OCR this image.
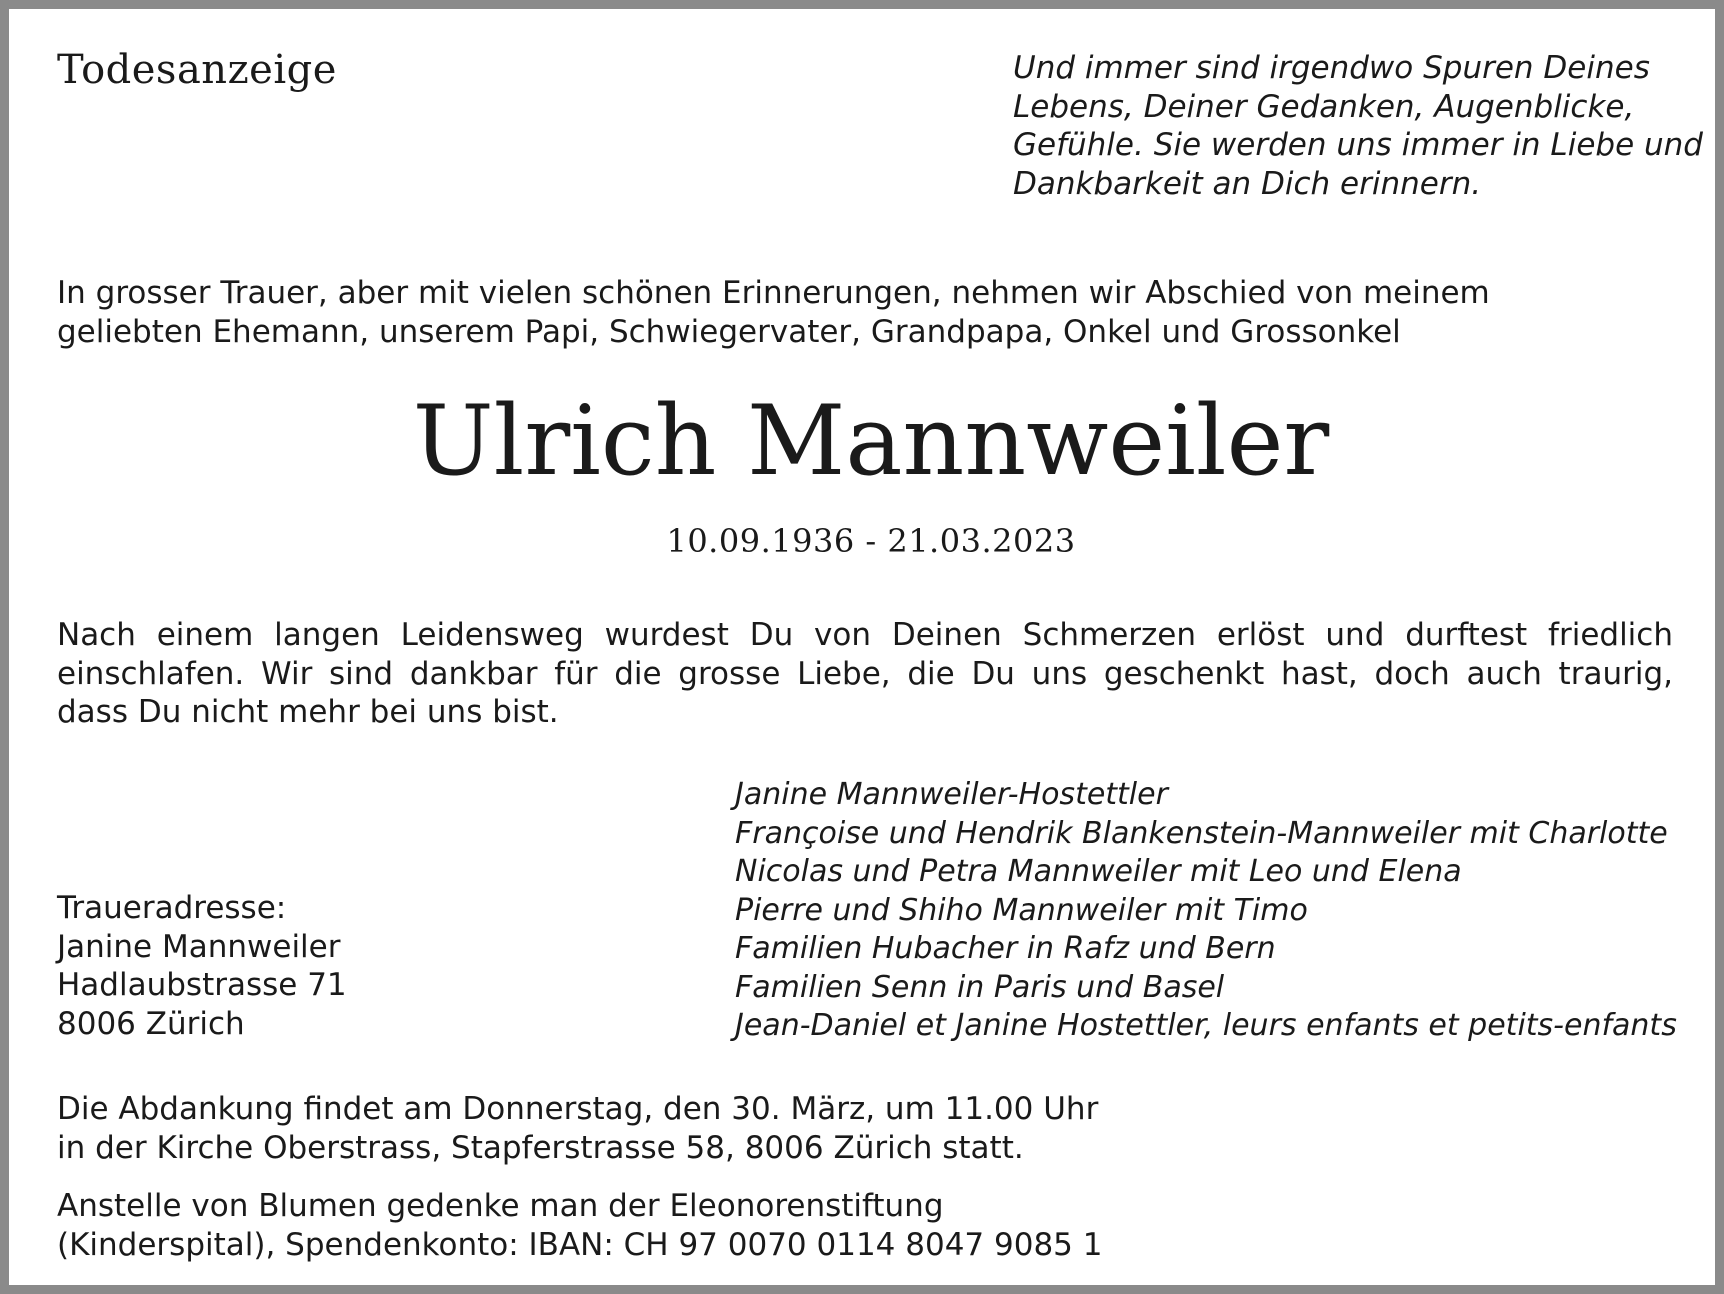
Todesanzeige	Und immer sind irgendwo Spuren Deines
Lebens, Deiner Gedanken, Augenblicke,
Gefühle. Sie werden uns immer in Liebe und
Dankbarkeit an Dich erinnern.

In grosser Trauer, aber mit vielen schönen Erinnerungen, nehmen wir Abschied von meinem
geliebten Ehemann, unserem Papi, Schwiegervater, Grandpapa, Onkel und Grossonkel

Ulrich Mannweiler
10.09.1936 - 21.03.2023

Nach einem langen Leidensweg wurdest Du von Deinen Schmerzen erlöst und durftest friedlich
einschlafen. Wir sind dankbar für die grosse Liebe, die Du uns geschenkt hast, doch auch traurig,
dass Du nicht mehr bei uns bist.

Janine Mannweiler-Hostettler
Françoise und Hendrik Blankenstein-Mannweiler mit Charlotte
Nicolas und Petra Mannweiler mit Leo und Elena
Pierre und Shiho Mannweiler mit Timo
Familien Hubacher in Rafz und Bern
Familien Senn in Paris und Basel
Jean-Daniel et Janine Hostettler, leurs enfants et petits-enfants

Traueradresse:
Janine Mannweiler
Hadlaubstrasse 71
8006 Zürich

Die Abdankung findet am Donnerstag, den 30. März, um 11.00 Uhr
in der Kirche Oberstrass, Stapferstrasse 58, 8006 Zürich statt.

Anstelle von Blumen gedenke man der Eleonorenstiftung
(Kinderspital), Spendenkonto: IBAN: CH 97 0070 0114 8047 9085 1
